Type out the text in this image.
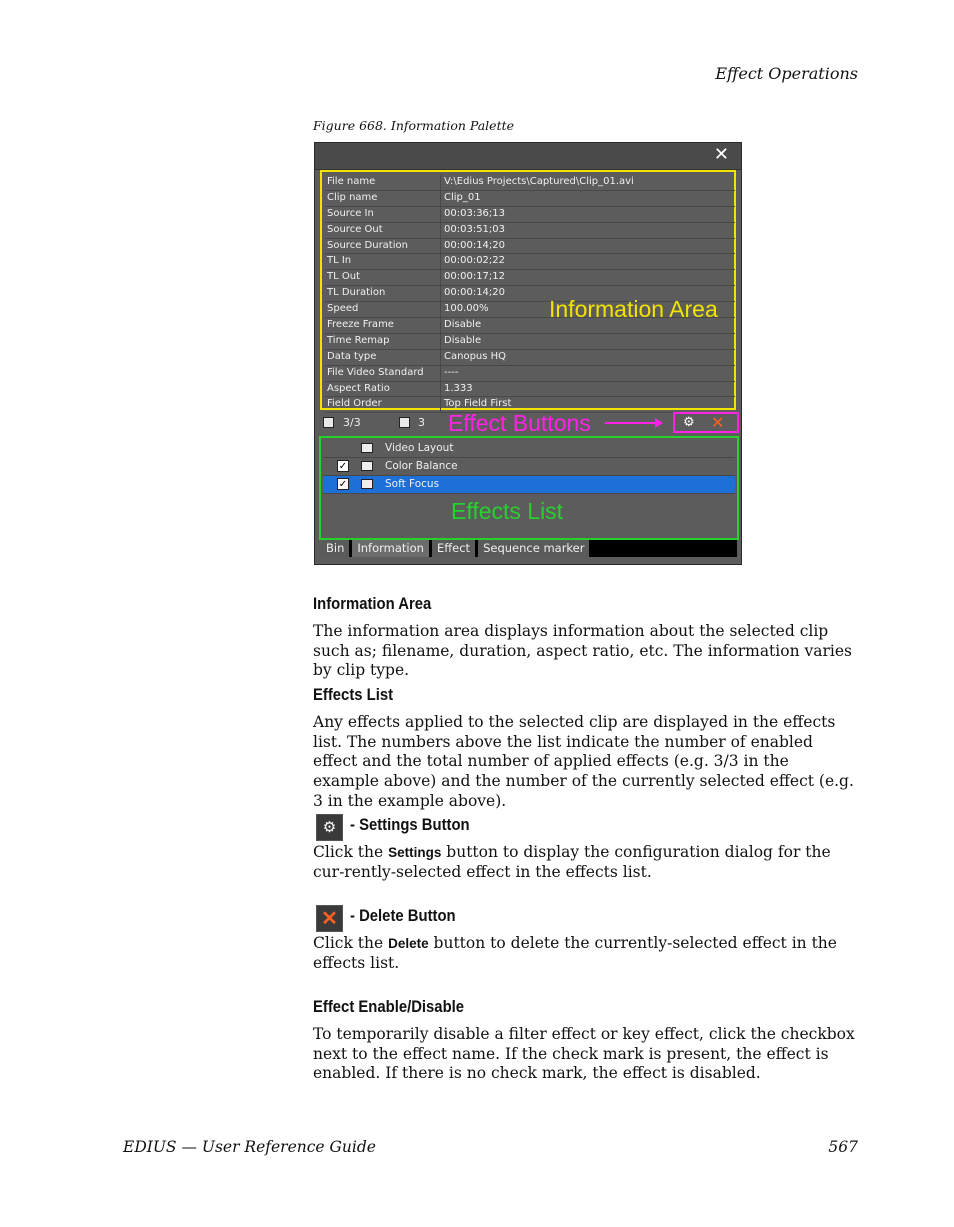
Effect Operations
Figure 668. Information Palette
✕
File name	V:\Edius Projects\Captured\Clip_01.avi
Clip name	Clip_01
Source In	00:03:36;13
Source Out	00:03:51;03
Source Duration	00:00:14;20
TL In	00:00:02;22
TL Out	00:00:17;12
TL Duration	00:00:14;20
Speed	100.00%
Freeze Frame	Disable
Time Remap	Disable
Data type	Canopus HQ
File Video Standard	----
Aspect Ratio	1.333
Field Order	Top Field First
Information Area
3/3	3 Effect Buttons	⚙ ✕
Effects List
Video Layout
✓	Color Balance
✓	Soft Focus
Bin	Information	Effect	Sequence marker
Information Area
The information area displays information about the selected clip such as; filename, duration, aspect ratio, etc. The information varies by clip type.
Effects List
Any effects applied to the selected clip are displayed in the effects list. The numbers above the list indicate the number of enabled effect and the total number of applied effects (e.g. 3/3 in the example above) and the number of the currently selected effect (e.g. 3 in the example above).
⚙ - Settings Button
Click the Settings button to display the configuration dialog for the cur-rently-selected effect in the effects list.
✕ - Delete Button
Click the Delete button to delete the currently-selected effect in the effects list.
Effect Enable/Disable
To temporarily disable a filter effect or key effect, click the checkbox next to the effect name. If the check mark is present, the effect is enabled. If there is no check mark, the effect is disabled.
EDIUS — User Reference Guide	567
